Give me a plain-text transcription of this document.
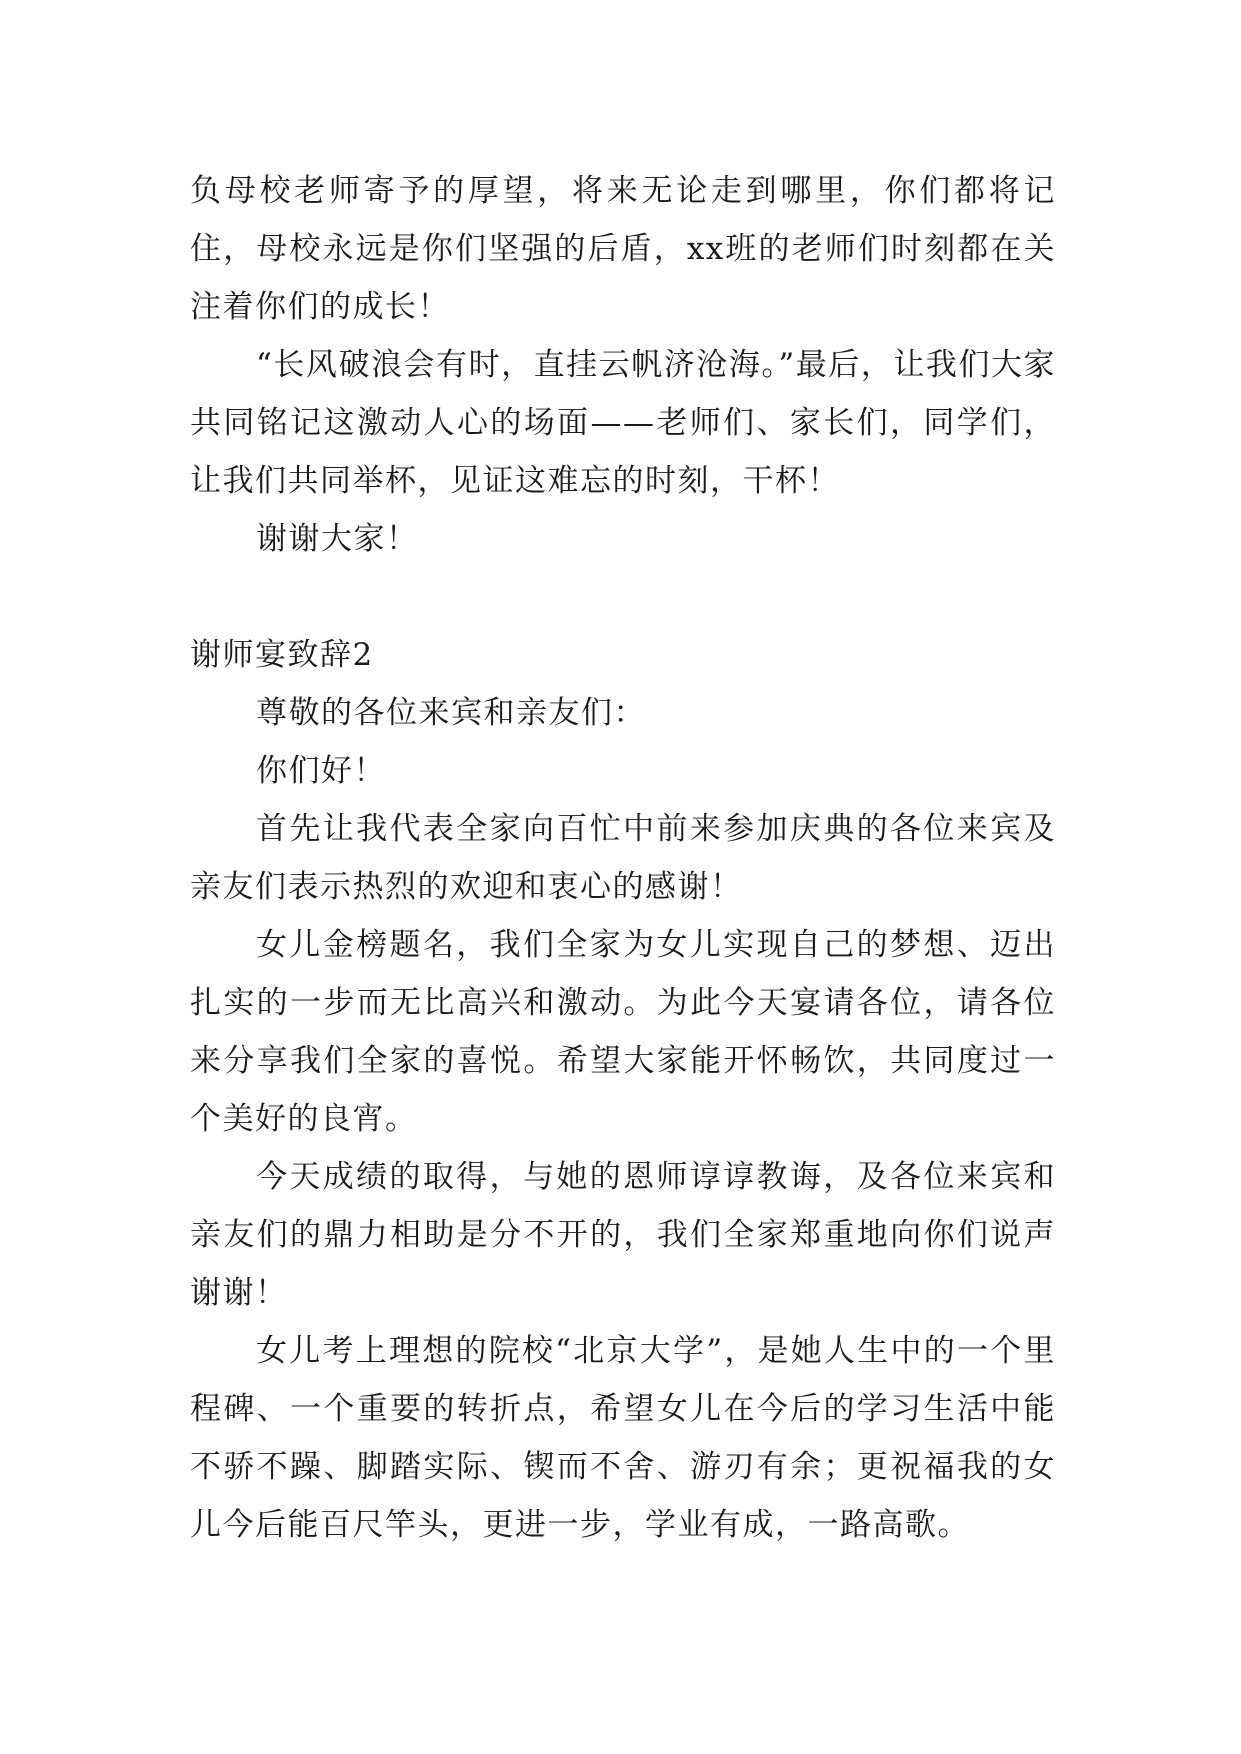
负母校老师寄予的厚望，将来无论走到哪里，你们都将记住，母校永远是你们坚强的后盾，xx班的老师们时刻都在关注着你们的成长！

“长风破浪会有时，直挂云帆济沧海。”最后，让我们大家共同铭记这激动人心的场面——老师们、家长们，同学们，让我们共同举杯，见证这难忘的时刻，干杯！

谢谢大家！

谢师宴致辞2

尊敬的各位来宾和亲友们：

你们好！

首先让我代表全家向百忙中前来参加庆典的各位来宾及亲友们表示热烈的欢迎和衷心的感谢！

女儿金榜题名，我们全家为女儿实现自己的梦想、迈出扎实的一步而无比高兴和激动。为此今天宴请各位，请各位来分享我们全家的喜悦。希望大家能开怀畅饮，共同度过一个美好的良宵。

今天成绩的取得，与她的恩师谆谆教诲，及各位来宾和亲友们的鼎力相助是分不开的，我们全家郑重地向你们说声谢谢！

女儿考上理想的院校“北京大学”，是她人生中的一个里程碑、一个重要的转折点，希望女儿在今后的学习生活中能不骄不躁、脚踏实际、锲而不舍、游刃有余；更祝福我的女儿今后能百尺竿头，更进一步，学业有成，一路高歌。
